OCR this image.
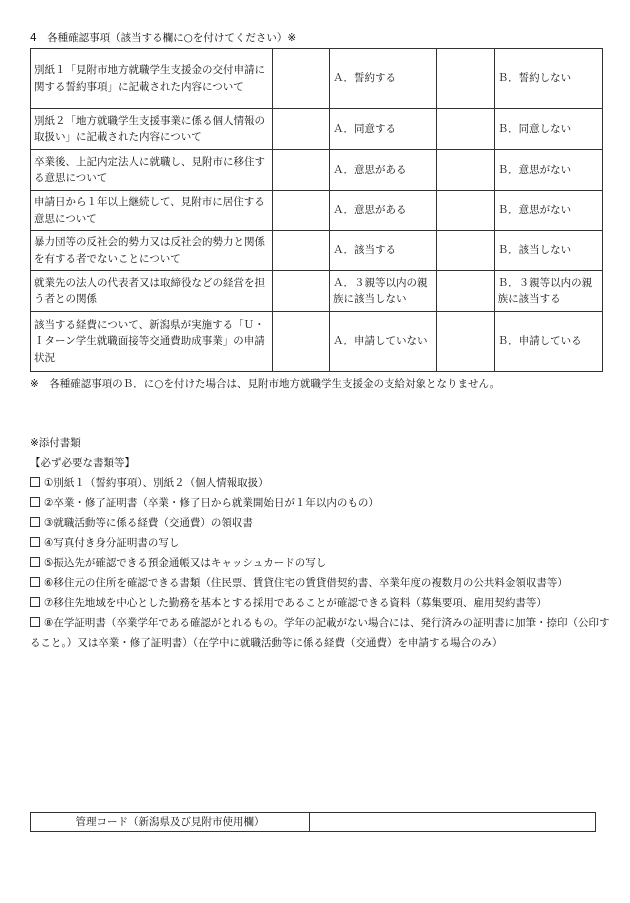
4　各種確認事項（該当する欄に○を付けてください）※
別紙１「見附市地方就職学生支援金の交付申請に関する誓約事項」に記載された内容について		Ａ．誓約する		Ｂ．誓約しない
別紙２「地方就職学生支援事業に係る個人情報の取扱い」に記載された内容について		Ａ．同意する		Ｂ．同意しない
卒業後、上記内定法人に就職し、見附市に移住する意思について		Ａ．意思がある		Ｂ．意思がない
申請日から１年以上継続して、見附市に居住する意思について		Ａ．意思がある		Ｂ．意思がない
暴力団等の反社会的勢力又は反社会的勢力と関係を有する者でないことについて		Ａ．該当する		Ｂ．該当しない
就業先の法人の代表者又は取締役などの経営を担う者との関係		Ａ．３親等以内の親族に該当しない		Ｂ．３親等以内の親族に該当する
該当する経費について、新潟県が実施する「Ｕ・Ｉターン学生就職面接等交通費助成事業」の申請状況		Ａ．申請していない		Ｂ．申請している
※　各種確認事項のＢ．に○を付けた場合は、見附市地方就職学生支援金の支給対象となりません。
※添付書類
【必ず必要な書類等】
①別紙１（誓約事項）、別紙２（個人情報取扱）
②卒業・修了証明書（卒業・修了日から就業開始日が１年以内のもの）
③就職活動等に係る経費（交通費）の領収書
④写真付き身分証明書の写し
⑤振込先が確認できる預金通帳又はキャッシュカードの写し
⑥移住元の住所を確認できる書類（住民票、賃貸住宅の賃貸借契約書、卒業年度の複数月の公共料金領収書等）
⑦移住先地域を中心とした勤務を基本とする採用であることが確認できる資料（募集要項、雇用契約書等）
⑧在学証明書（卒業学年である確認がとれるもの。学年の記載がない場合には、発行済みの証明書に加筆・捺印（公印すること。）又は卒業・修了証明書）（在学中に就職活動等に係る経費（交通費）を申請する場合のみ）
管理コード（新潟県及び見附市使用欄）
